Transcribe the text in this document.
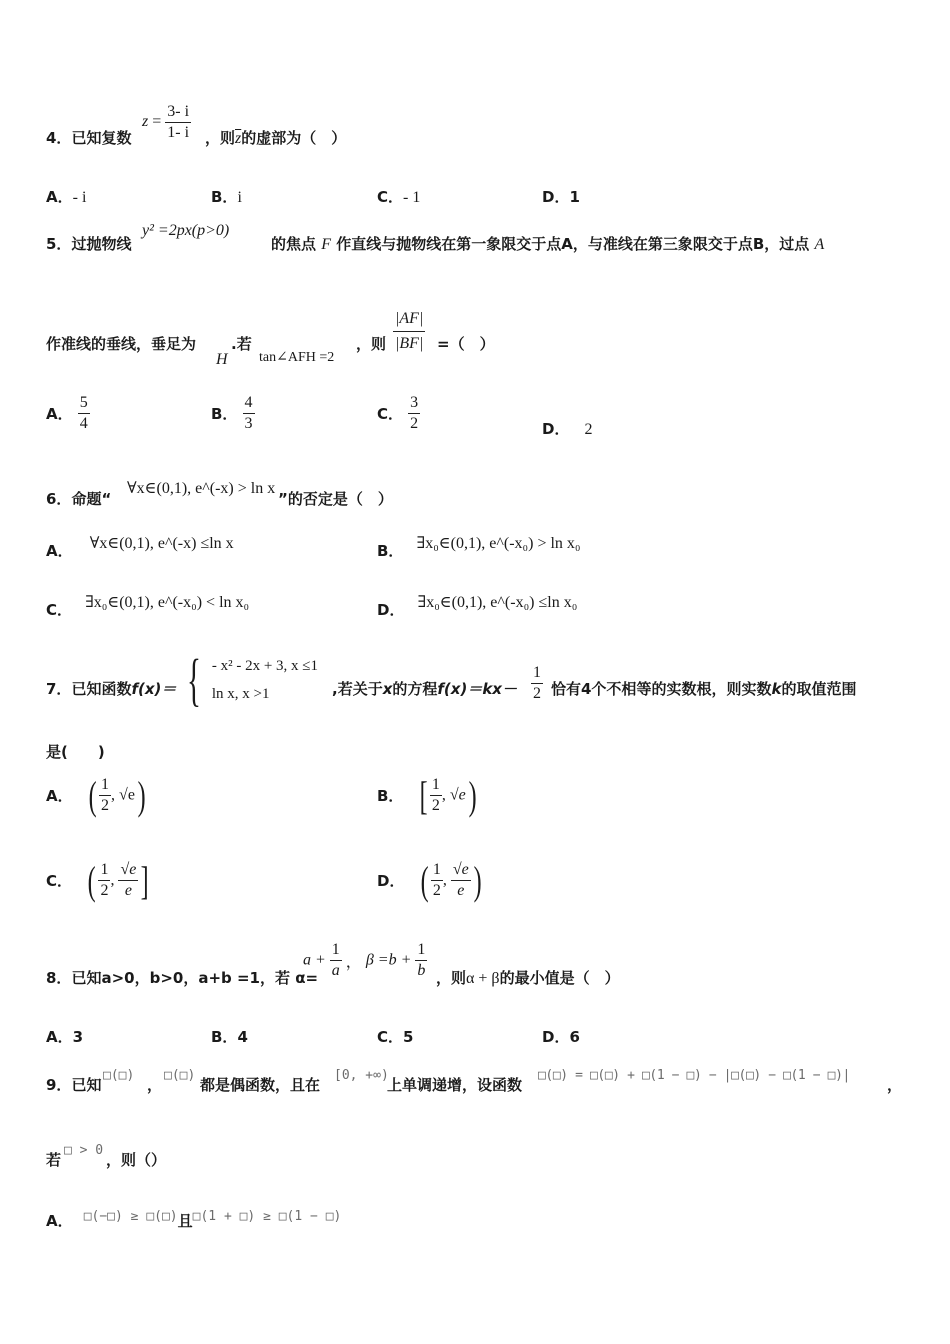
4．已知复数
$z = \frac{3- i}{1- i}$ ，则$\overline{z}$的虚部为（　）
A．- i	B．i	C．- 1	D．1
5．过抛物线
y² =2px(p>0)
的焦点 F 作直线与抛物线在第一象限交于点A，与准线在第三象限交于点B，过点 A
作准线的垂线，垂足为
H
.若
tan∠AFH =2
，则 $\frac{|AF|}{|BF|}$ =（　）
A． $\frac{5}{4}$	B． $\frac{4}{3}$	C． $\frac{3}{2}$	D． 2
6．命题“
∀x∈(0,1), e^(-x) > ln x
”的否定是（　）
A． ∀x∈(0,1), e^(-x) ≤ln x	B． ∃x₀∈(0,1), e^(-x₀) > ln x₀
C． ∃x₀∈(0,1), e^(-x₀) < ln x₀	D． ∃x₀∈(0,1), e^(-x₀) ≤ln x₀
7．已知函数f(x)＝ { - x² - 2x + 3, x ≤1
ln x, x >1	,若关于x的方程$f(x)=kx- \frac{1}{2}$ 恰有4个不相等的实数根，则实数k的取值范围
是(　　)
A． ( $\frac{1}{2}$ , √e)	B． [ $\frac{1}{2}$ , √e)
C． ( $\frac{1}{2}$ , $\frac{√e}{e}$ ]	D． ( $\frac{1}{2}$ , $\frac{√e}{e}$ )
8．已知a>0，b>0，a+b =1，若 α=
$a + \frac{1}{a}$ ， $\beta =b + \frac{1}{b}$ ，则α + β的最小值是（　）
A．3	B．4	C．5	D．6
9．已知
□(□)
，
□(□)
都是偶函数，且在
[0, +∞)
上单调递增，设函数
□(□) = □(□) + □(1 − □) − |□(□) − □(1 − □)|
，
若
□ > 0
，则（）
A． □(−□) ≥ □(□)且$^{□(1 + □) \ge □(1 - □)}$
